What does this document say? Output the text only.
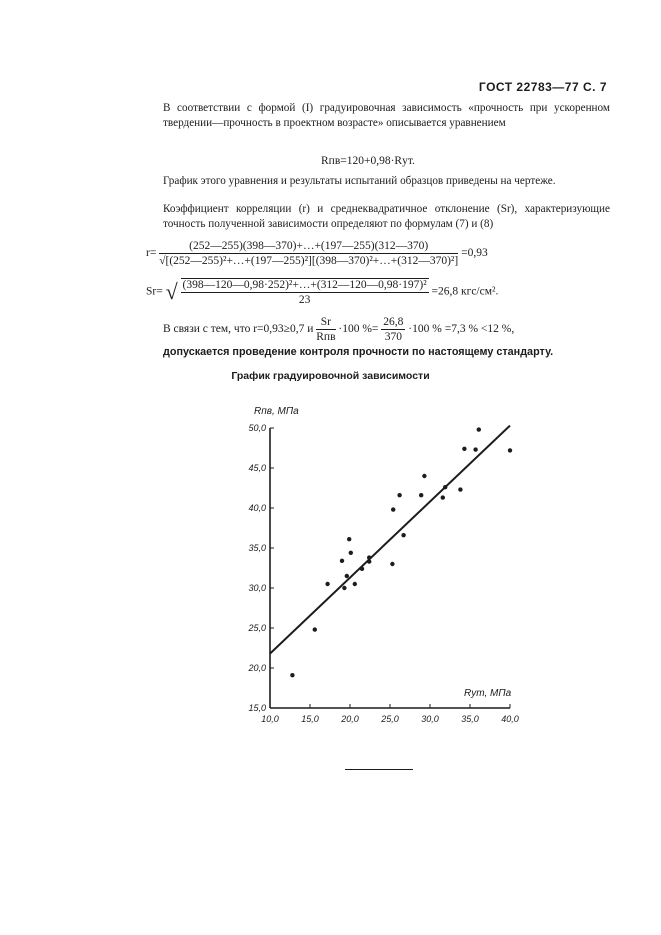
ГОСТ 22783—77 С. 7
В соответствии с формой (I) градуировочная зависимость «прочность при ускоренном твердении—прочность в проектном возрасте» описывается уравнением
Rпв=120+0,98·Rут.
График этого уравнения и результаты испытаний образцов приведены на чертеже.
Коэффициент корреляции (r) и среднеквадратичное отклонение (Sr), характеризующие точность полученной зависимости определяют по формулам (7) и (8)
$r= \frac{(252—255)(398—370)+\dots+(197—255)(312—370)}{\text{√[(252—255)²+…+(197—255)²][(398—370)²+…+(312—370)²]}} =0,93$
Sr= √ $\frac{\text{(398—120—0,98·252)²+…+(312—120—0,98·197)²}}{23} =26,8$ кгс/см².
В связи с тем, что r=0,93≥0,7 и $\frac{Sr}{\text{Rпв}} \cdot 100$ %= $\frac{26,8}{370} \cdot 100$ % =7,3 % <12 %,
допускается проведение контроля прочности по настоящему стандарту.
График градуировочной зависимости
Rпв, МПа
Rут, МПа
15,0
20,0
25,0
30,0
35,0
40,0
45,0
50,0
10,0 15,0 20,0 25,0 30,0 35,0 40,0
